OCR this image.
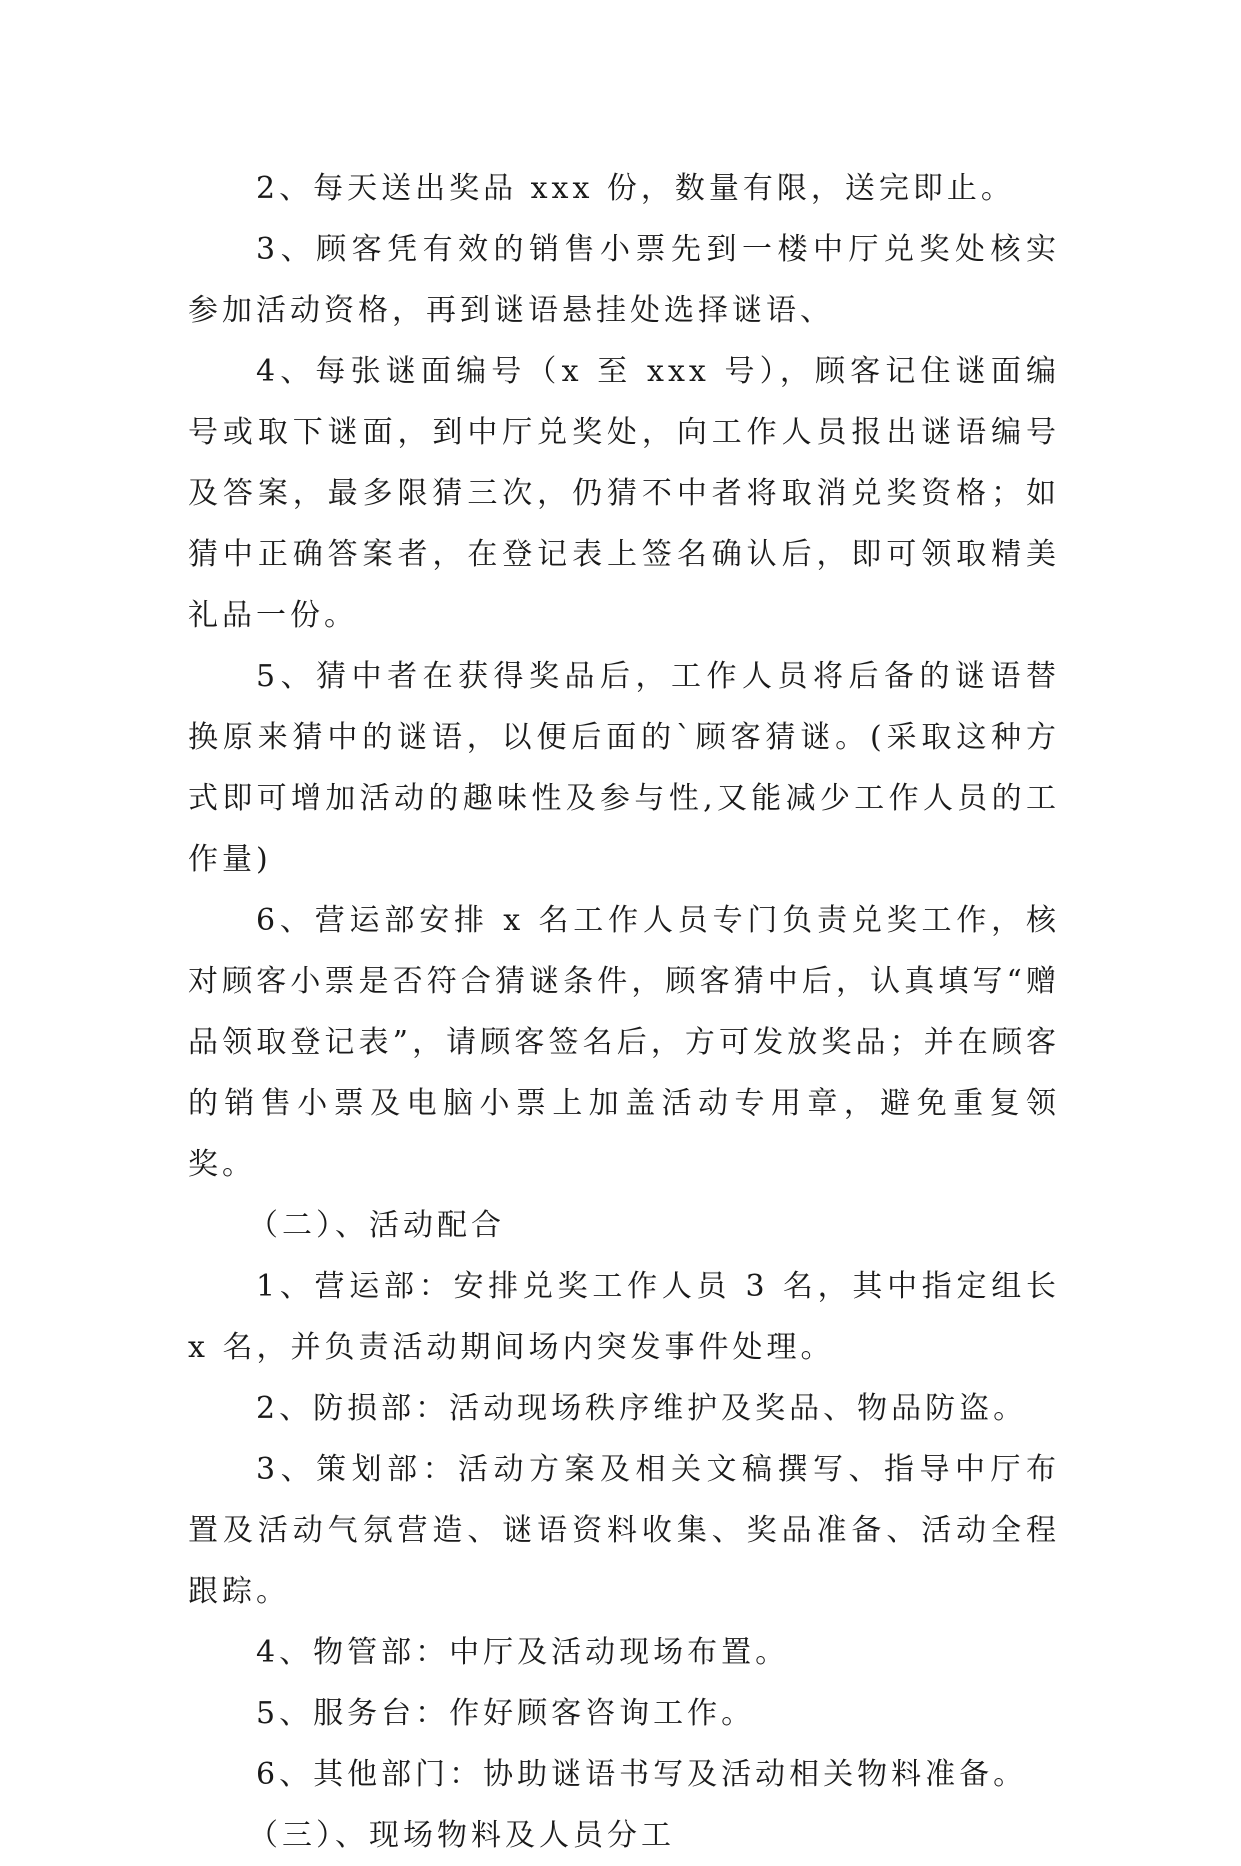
2、每天送出奖品 xxx 份，数量有限，送完即止。

3、顾客凭有效的销售小票先到一楼中厅兑奖处核实参加活动资格，再到谜语悬挂处选择谜语、

4、每张谜面编号（x 至 xxx 号），顾客记住谜面编号或取下谜面，到中厅兑奖处，向工作人员报出谜语编号及答案，最多限猜三次，仍猜不中者将取消兑奖资格；如猜中正确答案者，在登记表上签名确认后，即可领取精美礼品一份。

5、猜中者在获得奖品后，工作人员将后备的谜语替换原来猜中的谜语，以便后面的`顾客猜谜。(采取这种方式即可增加活动的趣味性及参与性,又能减少工作人员的工作量)

6、营运部安排 x 名工作人员专门负责兑奖工作，核对顾客小票是否符合猜谜条件，顾客猜中后，认真填写“赠品领取登记表”，请顾客签名后，方可发放奖品；并在顾客的销售小票及电脑小票上加盖活动专用章，避免重复领奖。

（二）、活动配合

1、营运部：安排兑奖工作人员 3 名，其中指定组长 x 名，并负责活动期间场内突发事件处理。

2、防损部：活动现场秩序维护及奖品、物品防盗。

3、策划部：活动方案及相关文稿撰写、指导中厅布置及活动气氛营造、谜语资料收集、奖品准备、活动全程跟踪。

4、物管部：中厅及活动现场布置。

5、服务台：作好顾客咨询工作。

6、其他部门：协助谜语书写及活动相关物料准备。

（三）、现场物料及人员分工
